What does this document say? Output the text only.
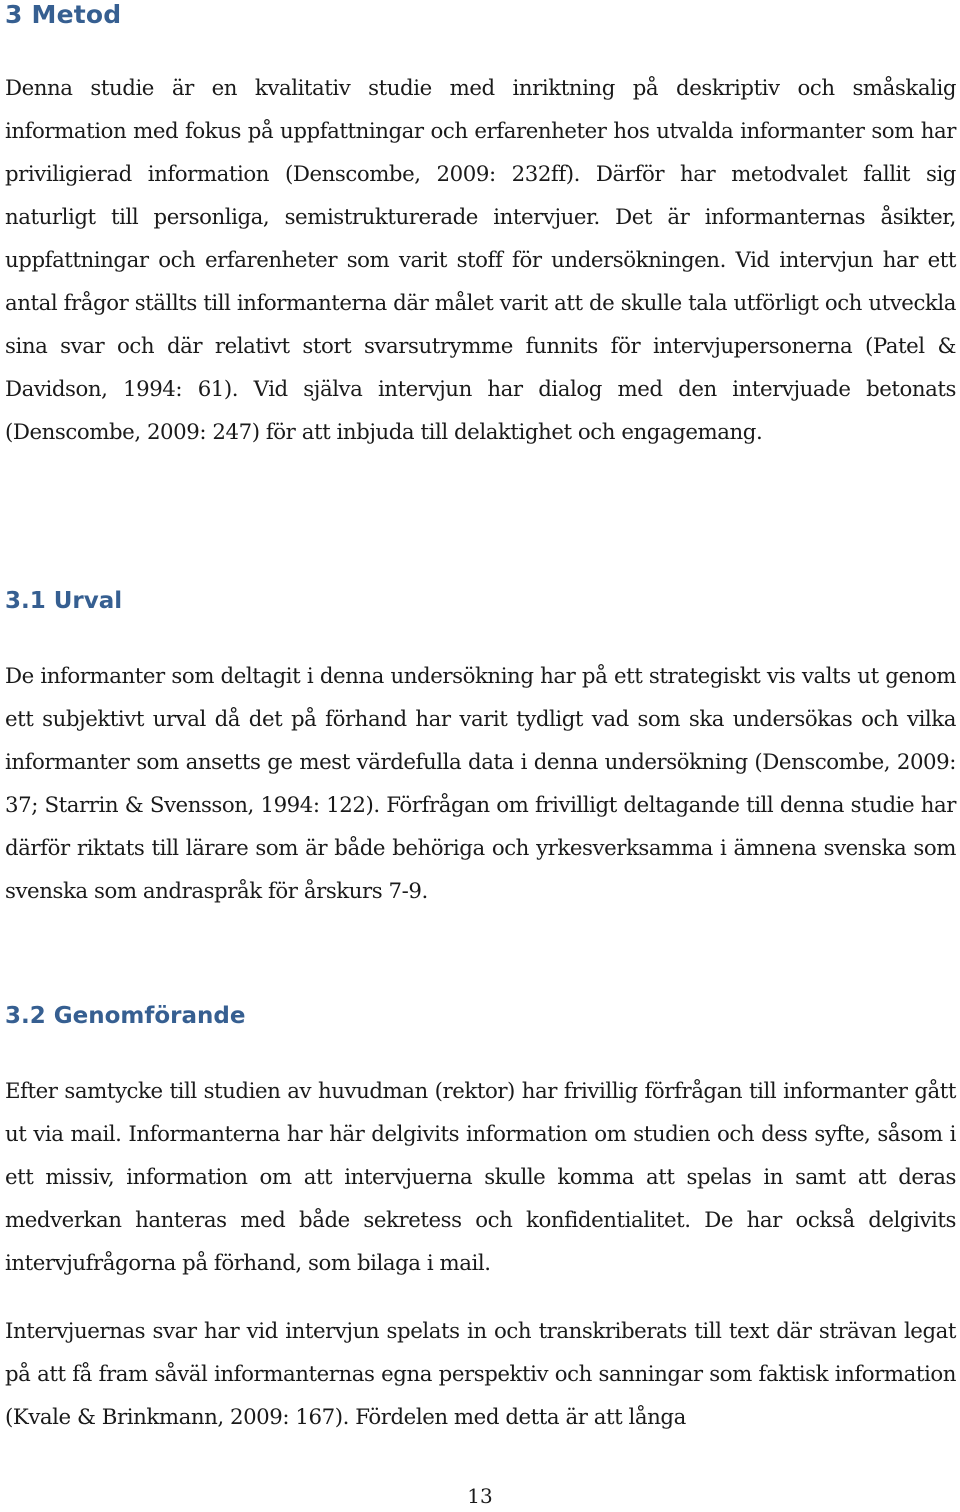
3 Metod

Denna studie är en kvalitativ studie med inriktning på deskriptiv och småskalig information med fokus på uppfattningar och erfarenheter hos utvalda informanter som har priviligierad information (Denscombe, 2009: 232ff). Därför har metodvalet fallit sig naturligt till personliga, semistrukturerade intervjuer. Det är informanternas åsikter, uppfattningar och erfarenheter som varit stoff för undersökningen. Vid intervjun har ett antal frågor ställts till informanterna där målet varit att de skulle tala utförligt och utveckla sina svar och där relativt stort svarsutrymme funnits för intervjupersonerna (Patel & Davidson, 1994: 61). Vid själva intervjun har dialog med den intervjuade betonats (Denscombe, 2009: 247) för att inbjuda till delaktighet och engagemang.

3.1 Urval

De informanter som deltagit i denna undersökning har på ett strategiskt vis valts ut genom ett subjektivt urval då det på förhand har varit tydligt vad som ska undersökas och vilka informanter som ansetts ge mest värdefulla data i denna undersökning (Denscombe, 2009: 37; Starrin & Svensson, 1994: 122). Förfrågan om frivilligt deltagande till denna studie har därför riktats till lärare som är både behöriga och yrkesverksamma i ämnena svenska som svenska som andraspråk för årskurs 7-9.

3.2 Genomförande

Efter samtycke till studien av huvudman (rektor) har frivillig förfrågan till informanter gått ut via mail. Informanterna har här delgivits information om studien och dess syfte, såsom i ett missiv, information om att intervjuerna skulle komma att spelas in samt att deras medverkan hanteras med både sekretess och konfidentialitet. De har också delgivits intervjufrågorna på förhand, som bilaga i mail.

Intervjuernas svar har vid intervjun spelats in och transkriberats till text där strävan legat på att få fram såväl informanternas egna perspektiv och sanningar som faktisk information (Kvale & Brinkmann, 2009: 167). Fördelen med detta är att långa

13
